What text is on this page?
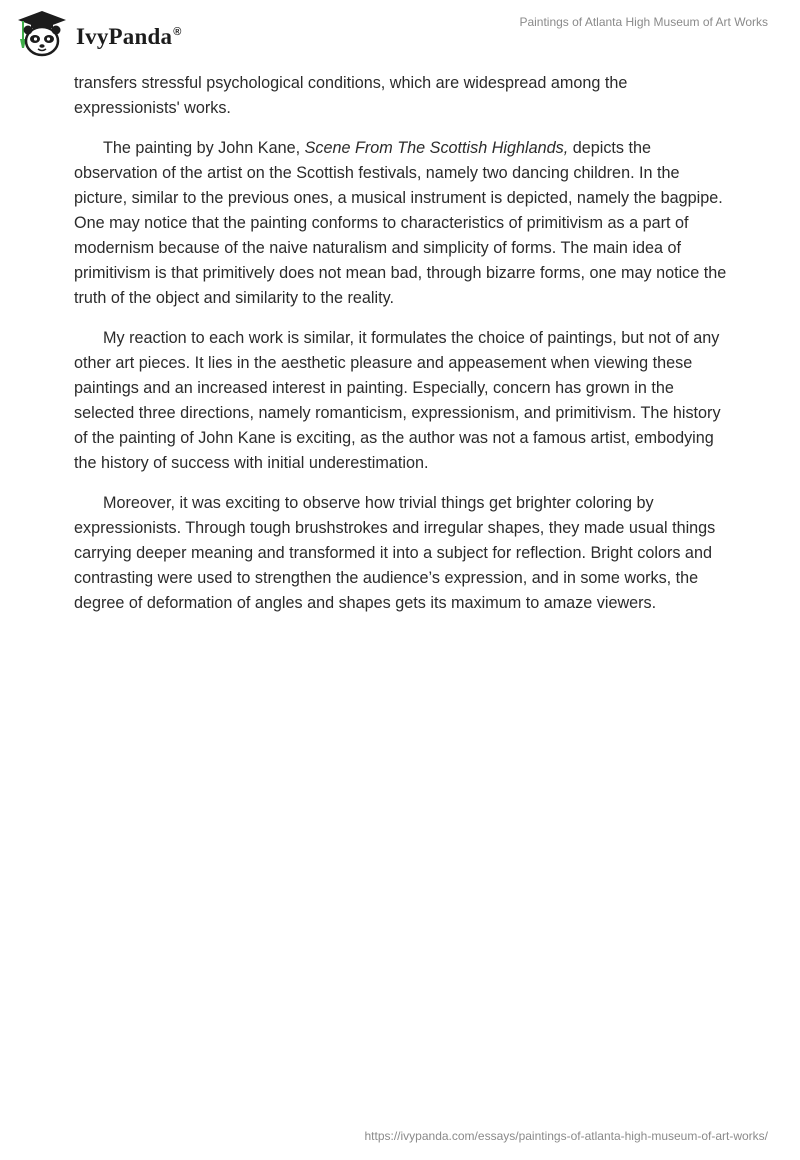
IvyPanda®
Paintings of Atlanta High Museum of Art Works

transfers stressful psychological conditions, which are widespread among the expressionists' works.

The painting by John Kane, Scene From The Scottish Highlands, depicts the observation of the artist on the Scottish festivals, namely two dancing children. In the picture, similar to the previous ones, a musical instrument is depicted, namely the bagpipe. One may notice that the painting conforms to characteristics of primitivism as a part of modernism because of the naive naturalism and simplicity of forms. The main idea of primitivism is that primitively does not mean bad, through bizarre forms, one may notice the truth of the object and similarity to the reality.

My reaction to each work is similar, it formulates the choice of paintings, but not of any other art pieces. It lies in the aesthetic pleasure and appeasement when viewing these paintings and an increased interest in painting. Especially, concern has grown in the selected three directions, namely romanticism, expressionism, and primitivism. The history of the painting of John Kane is exciting, as the author was not a famous artist, embodying the history of success with initial underestimation.

Moreover, it was exciting to observe how trivial things get brighter coloring by expressionists. Through tough brushstrokes and irregular shapes, they made usual things carrying deeper meaning and transformed it into a subject for reflection. Bright colors and contrasting were used to strengthen the audience’s expression, and in some works, the degree of deformation of angles and shapes gets its maximum to amaze viewers.

https://ivypanda.com/essays/paintings-of-atlanta-high-museum-of-art-works/
